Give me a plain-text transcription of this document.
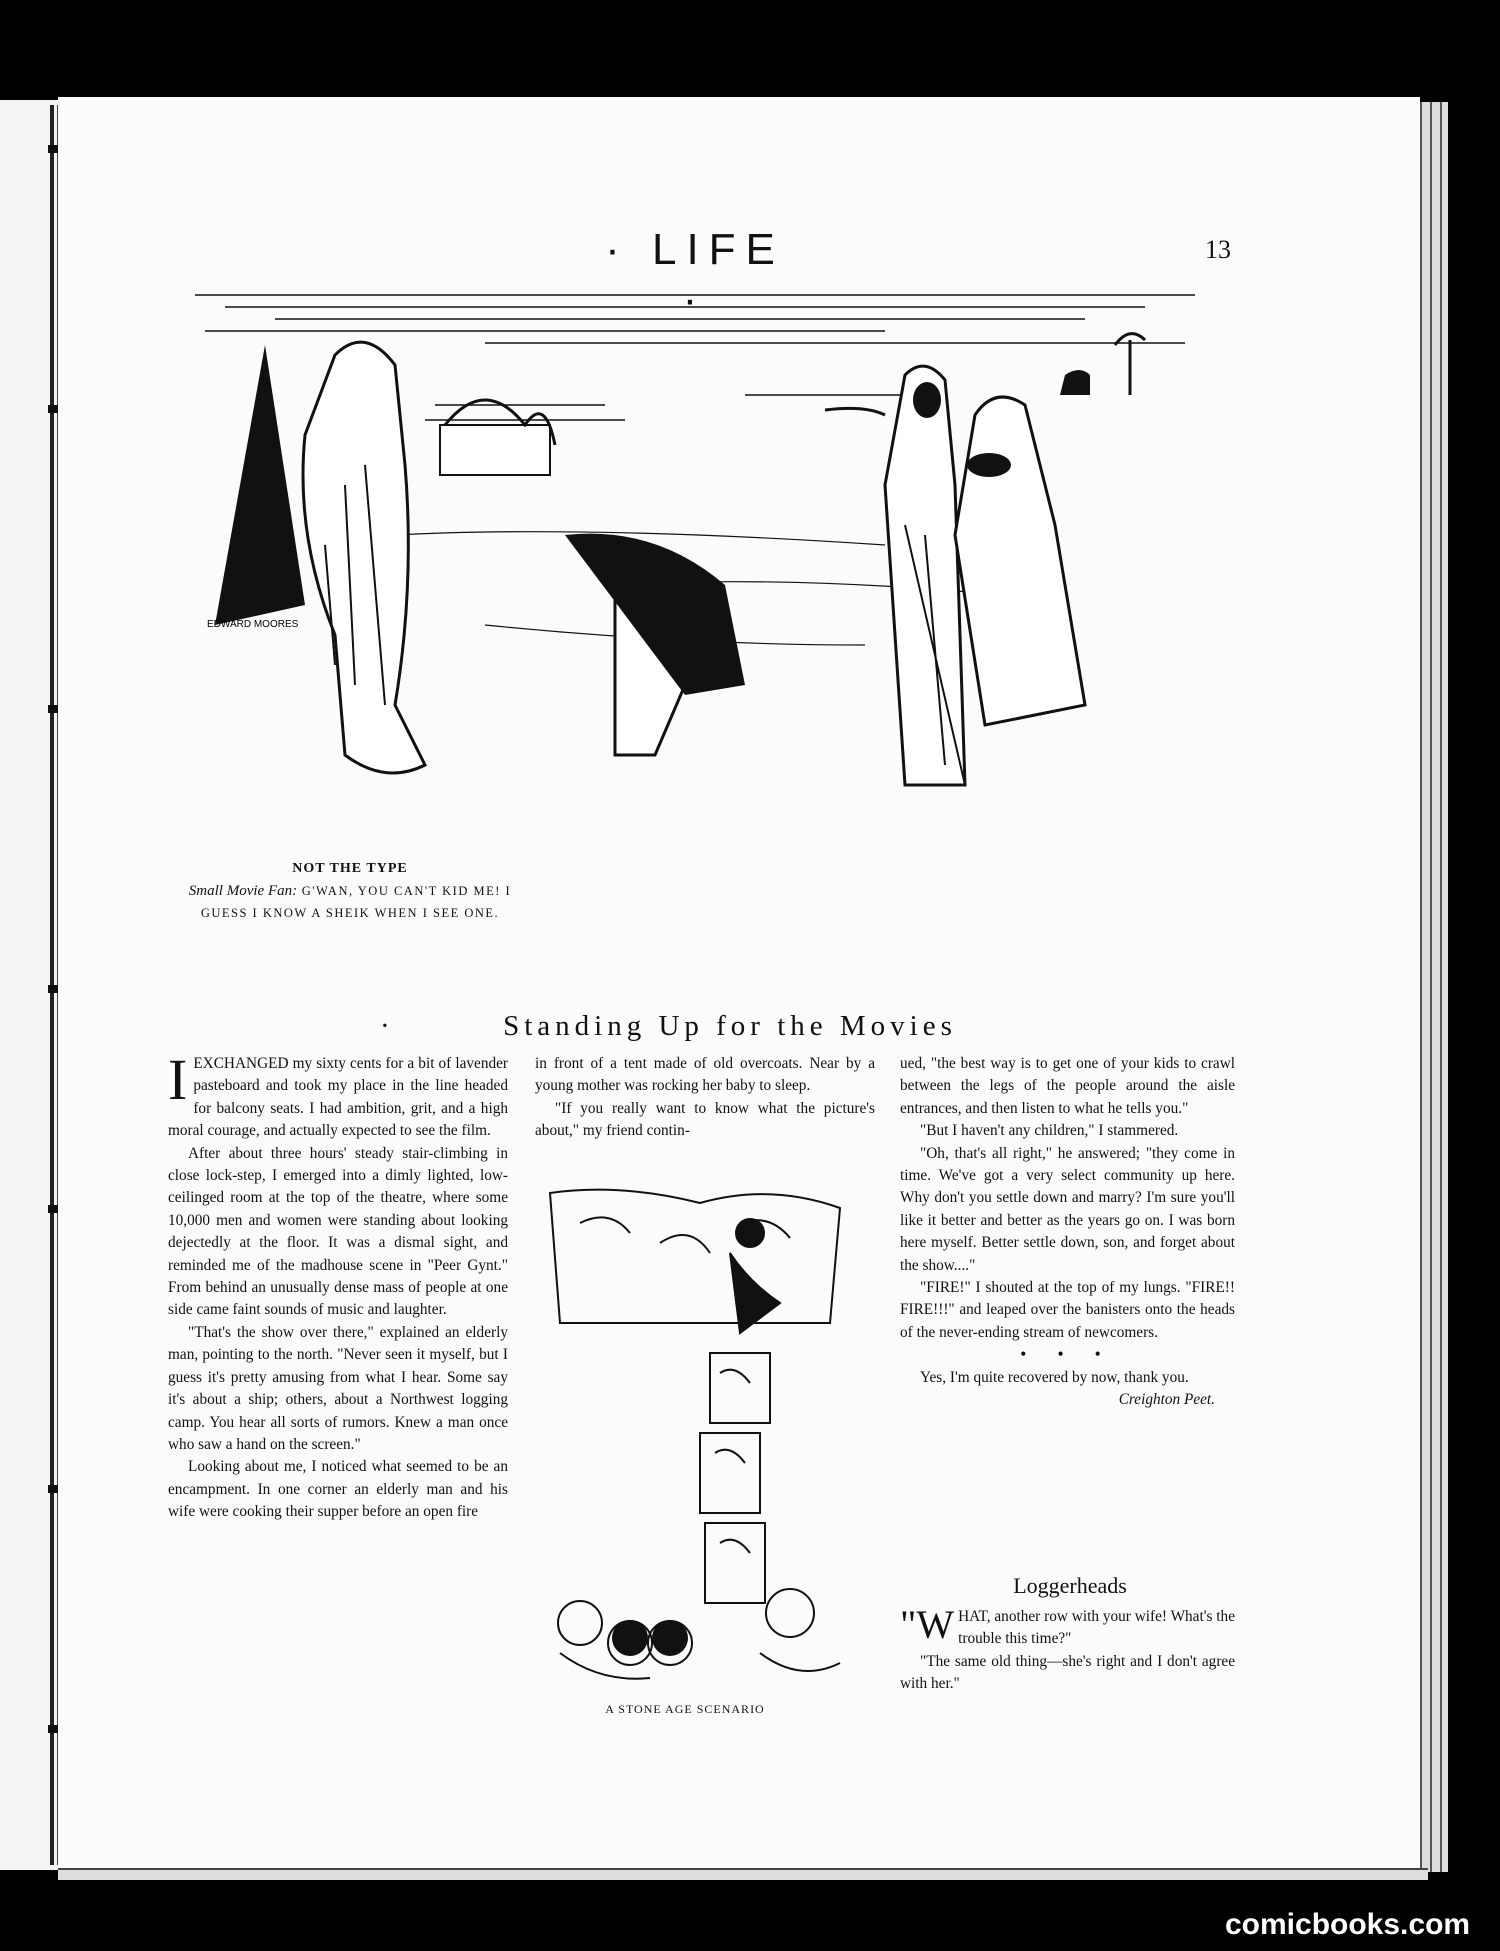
· LIFE ·
13
EDWARD MOORES
NOT THE TYPE
Small Movie Fan: G'WAN, YOU CAN'T KID ME! I GUESS I KNOW A SHEIK WHEN I SEE ONE.
·	Standing Up for the Movies

IEXCHANGED my sixty cents for a bit of lavender pasteboard and took my place in the line headed for balcony seats. I had ambition, grit, and a high moral courage, and actually expected to see the film.

After about three hours' steady stair-climbing in close lock-step, I emerged into a dimly lighted, low-ceilinged room at the top of the theatre, where some 10,000 men and women were standing about looking dejectedly at the floor. It was a dismal sight, and reminded me of the madhouse scene in "Peer Gynt." From behind an unusually dense mass of people at one side came faint sounds of music and laughter.

"That's the show over there," explained an elderly man, pointing to the north. "Never seen it myself, but I guess it's pretty amusing from what I hear. Some say it's about a ship; others, about a Northwest logging camp. You hear all sorts of rumors. Knew a man once who saw a hand on the screen."

Looking about me, I noticed what seemed to be an encampment. In one corner an elderly man and his wife were cooking their supper before an open fire

in front of a tent made of old overcoats. Near by a young mother was rocking her baby to sleep.

"If you really want to know what the picture's about," my friend contin-

A STONE AGE SCENARIO

ued, "the best way is to get one of your kids to crawl between the legs of the people around the aisle entrances, and then listen to what he tells you."

"But I haven't any children," I stammered.

"Oh, that's all right," he answered; "they come in time. We've got a very select community up here. Why don't you settle down and marry? I'm sure you'll like it better and better as the years go on. I was born here myself. Better settle down, son, and forget about the show...."

"FIRE!" I shouted at the top of my lungs. "FIRE!! FIRE!!!" and leaped over the banisters onto the heads of the never-ending stream of newcomers.

• • •

Yes, I'm quite recovered by now, thank you.

Creighton Peet.

Loggerheads

"WHAT, another row with your wife! What's the trouble this time?"

"The same old thing—she's right and I don't agree with her."

comicbooks.com
